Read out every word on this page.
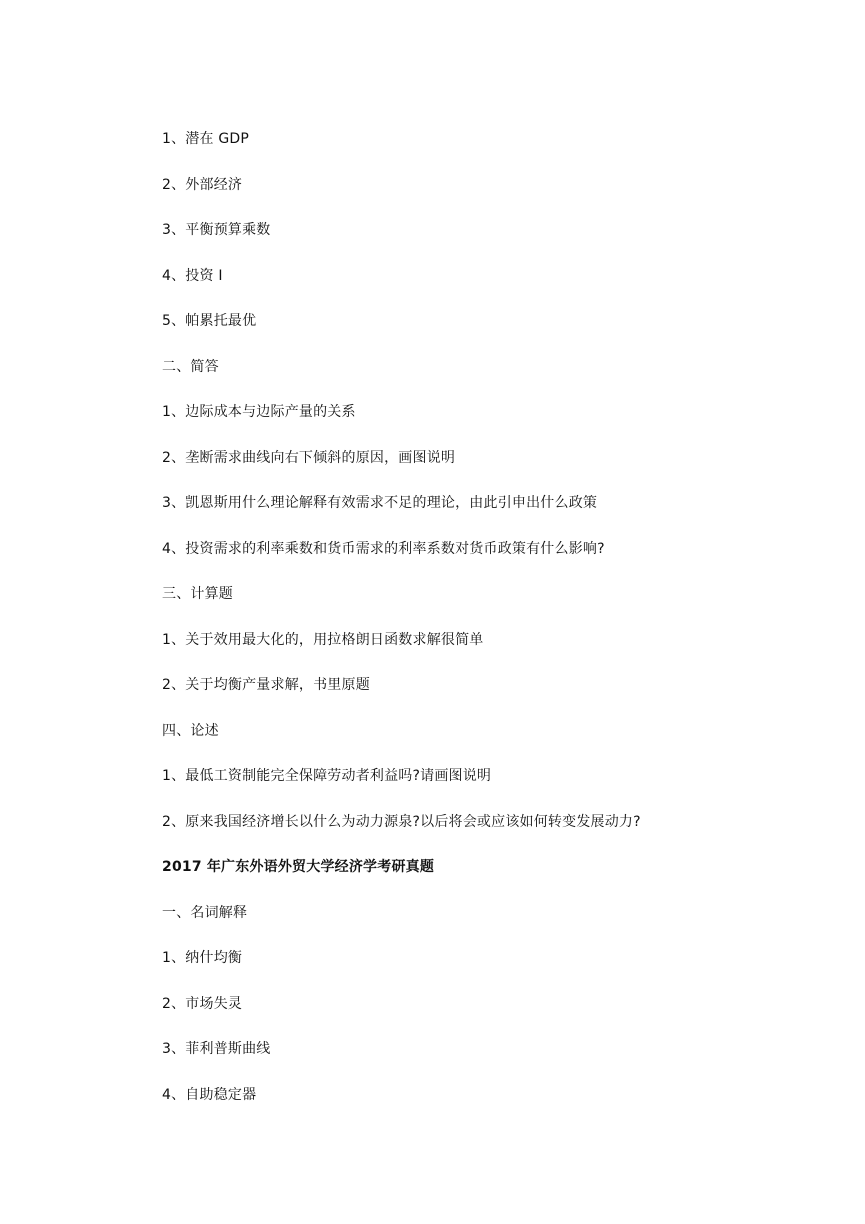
1、潜在 GDP
2、外部经济
3、平衡预算乘数
4、投资 I
5、帕累托最优
二、简答
1、边际成本与边际产量的关系
2、垄断需求曲线向右下倾斜的原因，画图说明
3、凯恩斯用什么理论解释有效需求不足的理论，由此引申出什么政策
4、投资需求的利率乘数和货币需求的利率系数对货币政策有什么影响?
三、计算题
1、关于效用最大化的，用拉格朗日函数求解很简单
2、关于均衡产量求解，书里原题
四、论述
1、最低工资制能完全保障劳动者利益吗?请画图说明
2、原来我国经济增长以什么为动力源泉?以后将会或应该如何转变发展动力?
2017 年广东外语外贸大学经济学考研真题
一、名词解释
1、纳什均衡
2、市场失灵
3、菲利普斯曲线
4、自助稳定器
